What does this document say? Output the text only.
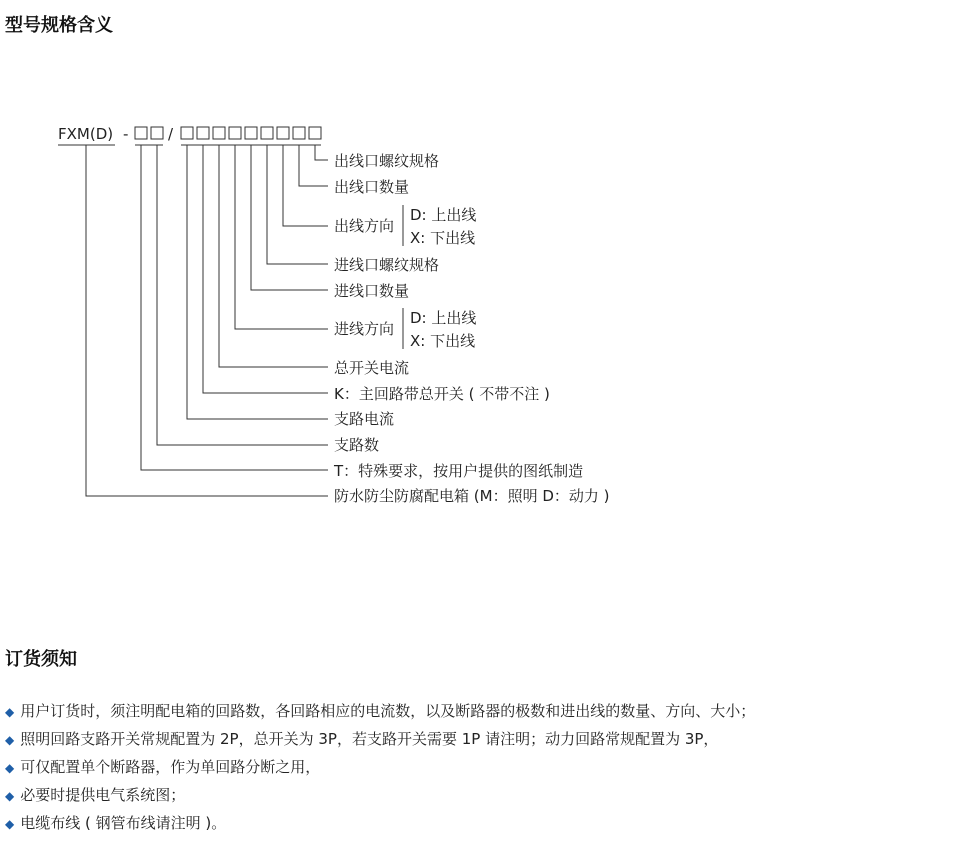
型号规格含义
FXM(D) -	/
出线口螺纹规格
出线口数量
出线方向
D: 上出线
X: 下出线
进线口螺纹规格
进线口数量
进线方向
D: 上出线
X: 下出线
总开关电流
K：主回路带总开关 ( 不带不注 )
支路电流
支路数
T：特殊要求，按用户提供的图纸制造
防水防尘防腐配电箱 (M：照明 D：动力 )
订货须知
◆ 用户订货时，须注明配电箱的回路数，各回路相应的电流数，以及断路器的极数和进出线的数量、方向、大小；
◆ 照明回路支路开关常规配置为 2P，总开关为 3P，若支路开关需要 1P 请注明；动力回路常规配置为 3P，
◆ 可仅配置单个断路器，作为单回路分断之用，
◆ 必要时提供电气系统图；
◆ 电缆布线 ( 钢管布线请注明 )。
